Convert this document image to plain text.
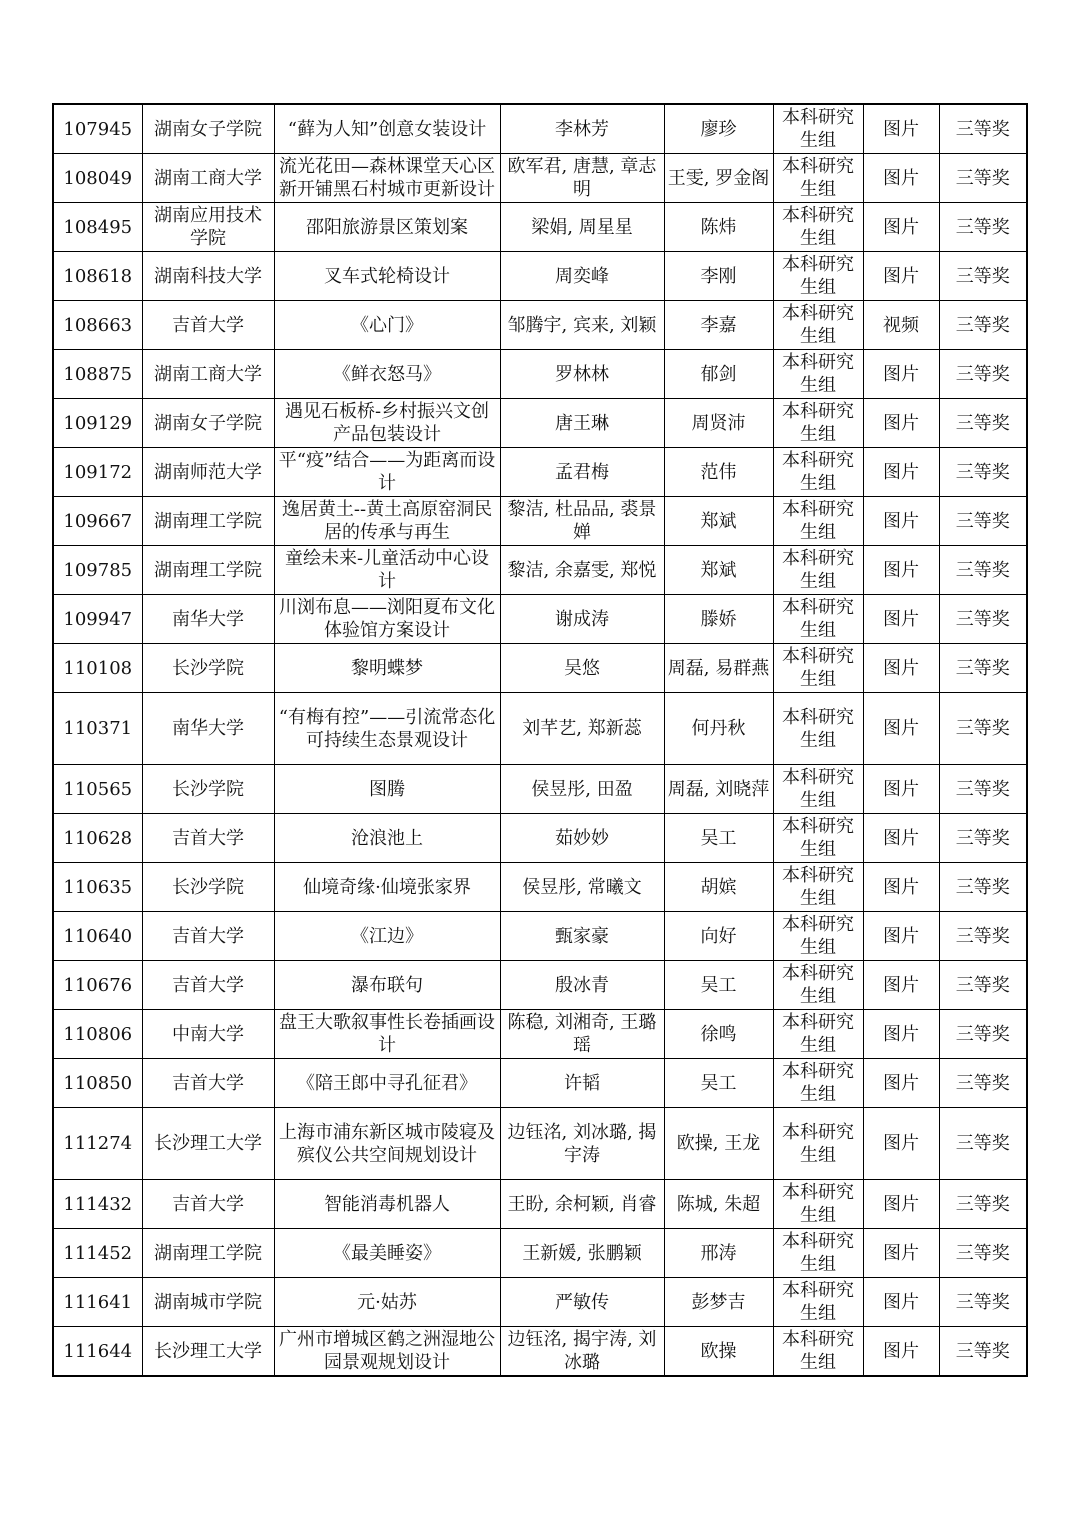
107945	湖南女子学院	“藓为人知”创意女装设计	李林芳	廖珍	本科研究生组	图片	三等奖
108049	湖南工商大学	流光花田—森林课堂天心区新开铺黑石村城市更新设计	欧军君, 唐慧, 章志明	王雯, 罗金阁	本科研究生组	图片	三等奖
108495	湖南应用技术学院	邵阳旅游景区策划案	梁娟, 周星星	陈炜	本科研究生组	图片	三等奖
108618	湖南科技大学	叉车式轮椅设计	周奕峰	李刚	本科研究生组	图片	三等奖
108663	吉首大学	《心门》	邹腾宇, 宾来, 刘颖	李嘉	本科研究生组	视频	三等奖
108875	湖南工商大学	《鲜衣怒马》	罗林林	郁剑	本科研究生组	图片	三等奖
109129	湖南女子学院	遇见石板桥-乡村振兴文创产品包装设计	唐王琳	周贤沛	本科研究生组	图片	三等奖
109172	湖南师范大学	平“疫”结合——为距离而设计	孟君梅	范伟	本科研究生组	图片	三等奖
109667	湖南理工学院	逸居黄土--黄土高原窑洞民居的传承与再生	黎洁, 杜品品, 裘景婵	郑斌	本科研究生组	图片	三等奖
109785	湖南理工学院	童绘未来-儿童活动中心设计	黎洁, 余嘉雯, 郑悦	郑斌	本科研究生组	图片	三等奖
109947	南华大学	川浏布息——浏阳夏布文化体验馆方案设计	谢成涛	滕娇	本科研究生组	图片	三等奖
110108	长沙学院	黎明蝶梦	吴悠	周磊, 易群燕	本科研究生组	图片	三等奖
110371	南华大学	“有梅有控”——引流常态化可持续生态景观设计	刘芊艺, 郑新蕊	何丹秋	本科研究生组	图片	三等奖
110565	长沙学院	图腾	侯昱彤, 田盈	周磊, 刘晓萍	本科研究生组	图片	三等奖
110628	吉首大学	沧浪池上	茹妙妙	吴工	本科研究生组	图片	三等奖
110635	长沙学院	仙境奇缘·仙境张家界	侯昱彤, 常曦文	胡嫔	本科研究生组	图片	三等奖
110640	吉首大学	《江边》	甄家豪	向好	本科研究生组	图片	三等奖
110676	吉首大学	瀑布联句	殷冰青	吴工	本科研究生组	图片	三等奖
110806	中南大学	盘王大歌叙事性长卷插画设计	陈稳, 刘湘奇, 王璐瑶	徐鸣	本科研究生组	图片	三等奖
110850	吉首大学	《陪王郎中寻孔征君》	许韬	吴工	本科研究生组	图片	三等奖
111274	长沙理工大学	上海市浦东新区城市陵寝及殡仪公共空间规划设计	边钰洺, 刘冰璐, 揭宇涛	欧操, 王龙	本科研究生组	图片	三等奖
111432	吉首大学	智能消毒机器人	王盼, 余柯颖, 肖睿	陈城, 朱超	本科研究生组	图片	三等奖
111452	湖南理工学院	《最美睡姿》	王新媛, 张鹏颖	邢涛	本科研究生组	图片	三等奖
111641	湖南城市学院	元·姑苏	严敏传	彭梦吉	本科研究生组	图片	三等奖
111644	长沙理工大学	广州市增城区鹤之洲湿地公园景观规划设计	边钰洺, 揭宇涛, 刘冰璐	欧操	本科研究生组	图片	三等奖
